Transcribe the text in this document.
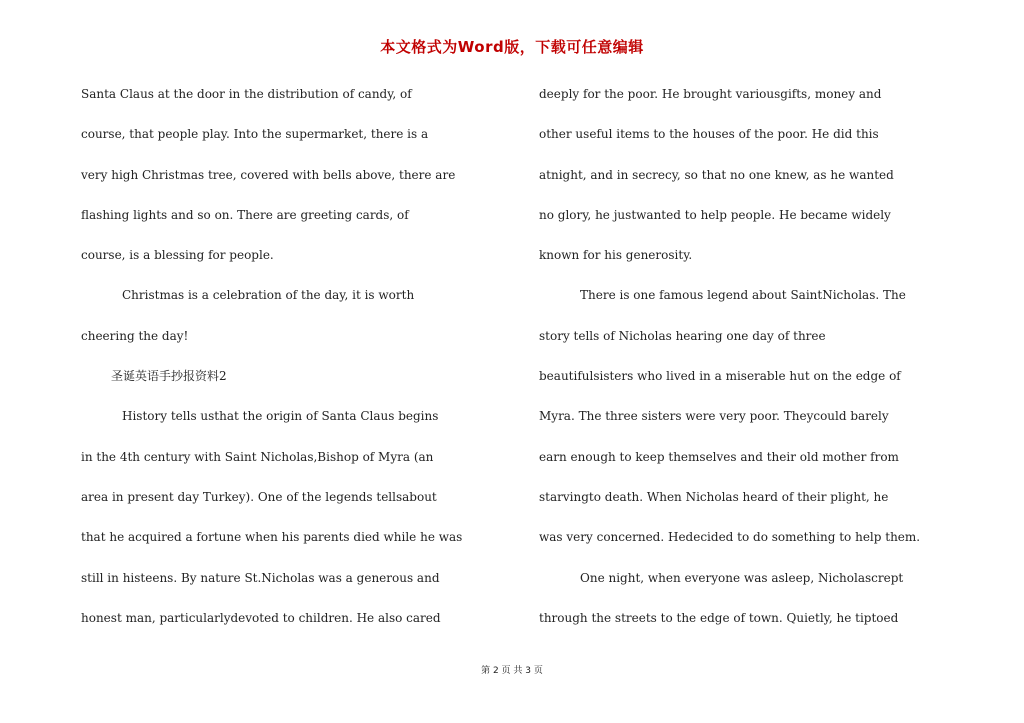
本文格式为Word版，下载可任意编辑
Santa Claus at the door in the distribution of candy, of
course, that people play. Into the supermarket, there is a
very high Christmas tree, covered with bells above, there are
flashing lights and so on. There are greeting cards, of
course, is a blessing for people.
Christmas is a celebration of the day, it is worth
cheering the day!
圣诞英语手抄报资料2
History tells usthat the origin of Santa Claus begins
in the 4th century with Saint Nicholas,Bishop of Myra (an
area in present day Turkey). One of the legends tellsabout
that he acquired a fortune when his parents died while he was
still in histeens. By nature St.Nicholas was a generous and
honest man, particularlydevoted to children. He also cared
deeply for the poor. He brought variousgifts, money and
other useful items to the houses of the poor. He did this
atnight, and in secrecy, so that no one knew, as he wanted
no glory, he justwanted to help people. He became widely
known for his generosity.
There is one famous legend about SaintNicholas. The
story tells of Nicholas hearing one day of three
beautifulsisters who lived in a miserable hut on the edge of
Myra. The three sisters were very poor. Theycould barely
earn enough to keep themselves and their old mother from
starvingto death. When Nicholas heard of their plight, he
was very concerned. Hedecided to do something to help them.
One night, when everyone was asleep, Nicholascrept
through the streets to the edge of town. Quietly, he tiptoed
第 2 页 共 3 页
